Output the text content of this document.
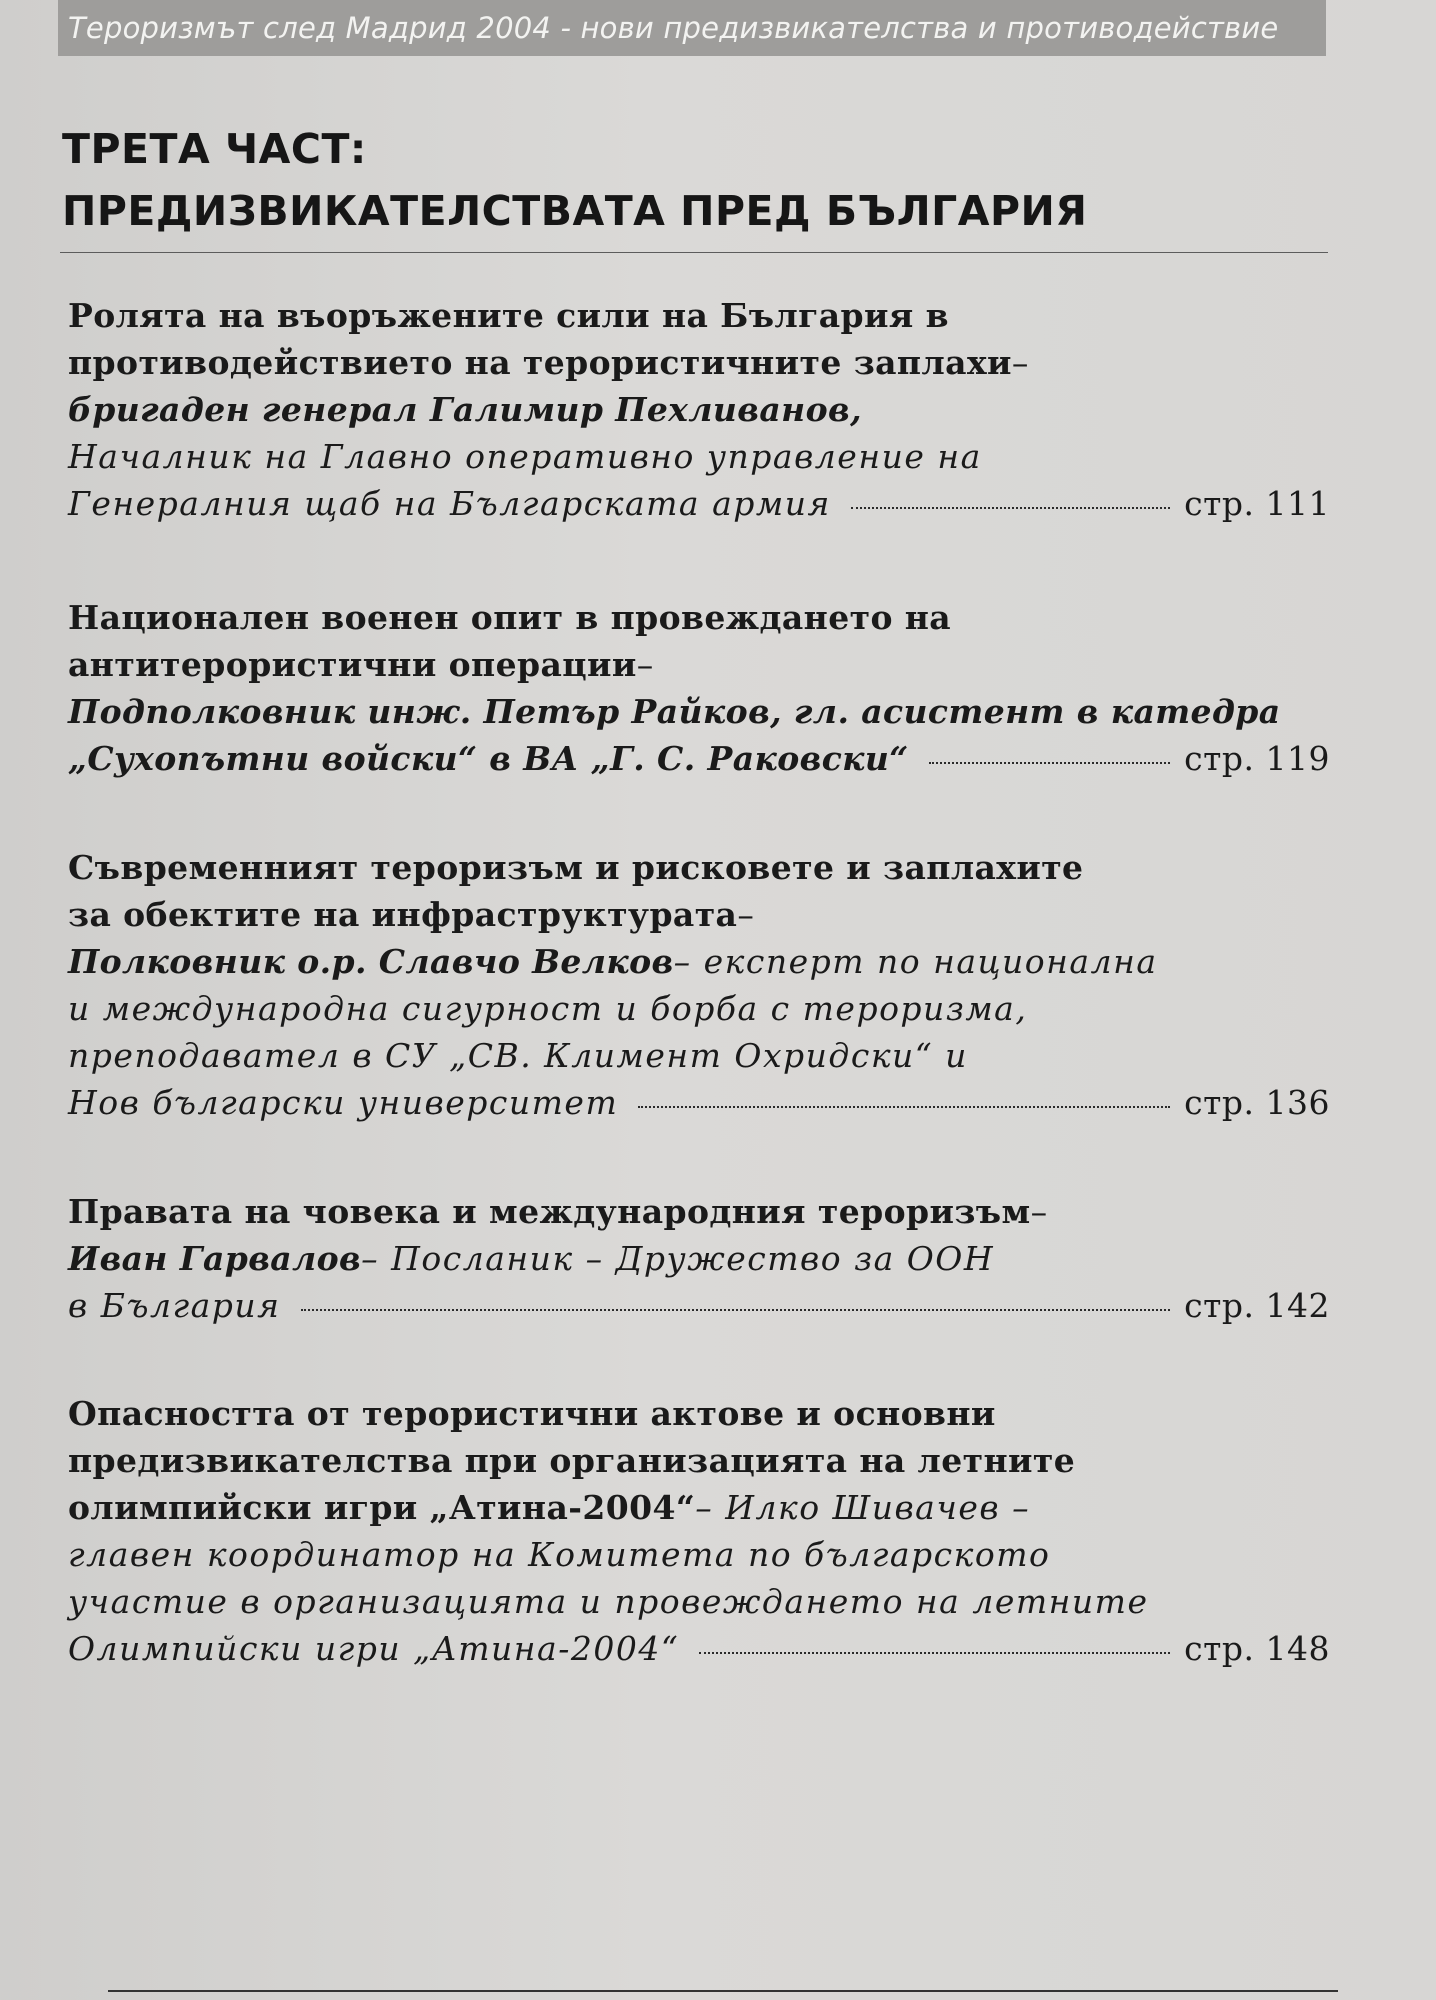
Тероризмът след Мадрид 2004 - нови предизвикателства и противодействие
ТРЕТА ЧАСТ:
ПРЕДИЗВИКАТЕЛСТВАТА ПРЕД БЪЛГАРИЯ
Ролята на въоръжените сили на България в
противодействието на терористичните заплахи –
бригаден генерал Галимир Пехливанов,
Началник на Главно оперативно управление на
Генералния щаб на Българската армия	стр. 111
Национален военен опит в провеждането на
антитерористични операции –
Подполковник инж. Петър Райков, гл. асистент в катедра
„Сухопътни войски“ в ВА „Г. С. Раковски“	стр. 119
Съвременният тероризъм и рисковете и заплахите
за обектите на инфраструктурата –
Полковник о.р. Славчо Велков – експерт по национална
и международна сигурност и борба с тероризма,
преподавател в СУ „СВ. Климент Охридски“ и
Нов български университет	стр. 136
Правата на човека и международния тероризъм –
Иван Гарвалов – Посланик – Дружество за ООН
в България	стр. 142
Опасността от терористични актове и основни
предизвикателства при организацията на летните
олимпийски игри „Атина-2004“ – Илко Шивачев –
главен координатор на Комитета по българското
участие в организацията и провеждането на летните
Олимпийски игри „Атина-2004“	стр. 148
